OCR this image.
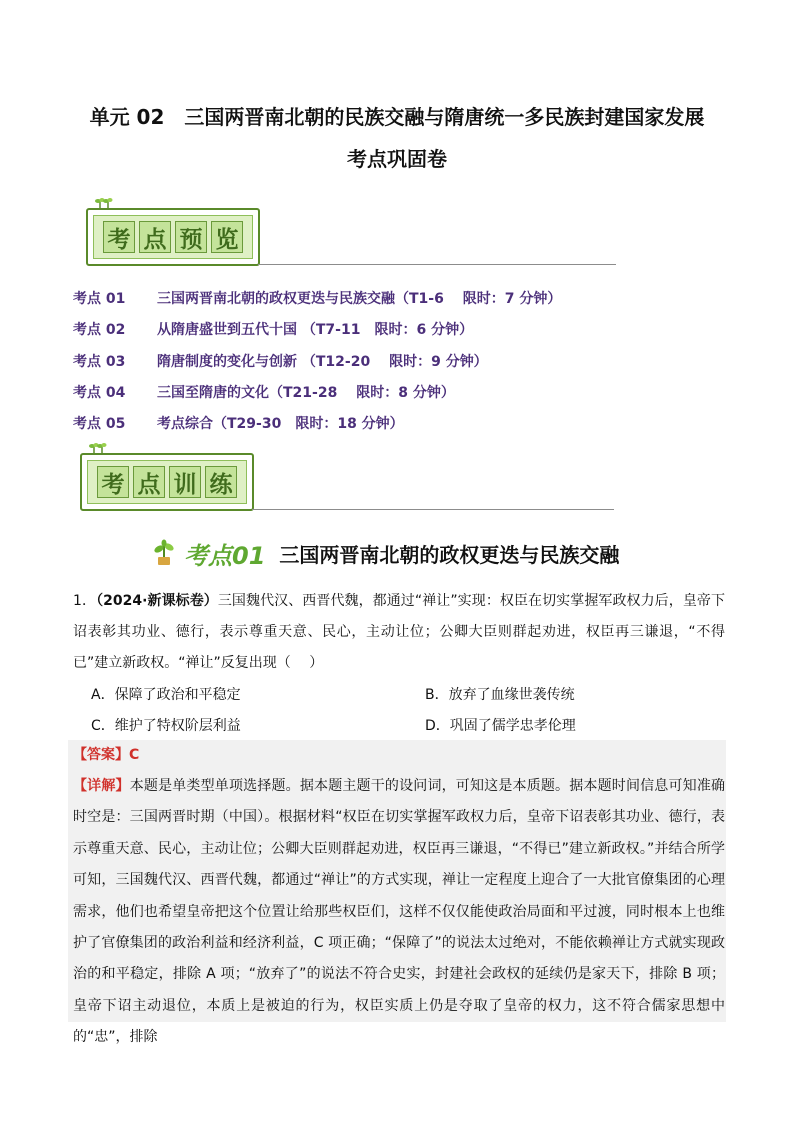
单元 02　三国两晋南北朝的民族交融与隋唐统一多民族封建国家发展
考点巩固卷
考 点 预 览
考点 01 三国两晋南北朝的政权更迭与民族交融（T1-6　 限时：7 分钟）
考点 02 从隋唐盛世到五代十国 （T7-11　限时：6 分钟）
考点 03 隋唐制度的变化与创新 （T12-20　 限时：9 分钟）
考点 04 三国至隋唐的文化（T21-28　 限时：8 分钟）
考点 05 考点综合（T29-30　限时：18 分钟）
考 点 训 练
考点01 三国两晋南北朝的政权更迭与民族交融
1．（2024·新课标卷）三国魏代汉、西晋代魏，都通过“禅让”实现：权臣在切实掌握军政权力后，皇帝下诏表彰其功业、德行，表示尊重天意、民心，主动让位；公卿大臣则群起劝进，权臣再三谦退，“不得已”建立新政权。“禅让”反复出现（　 ）
A．保障了政治和平稳定	B．放弃了血缘世袭传统
C．维护了特权阶层利益	D．巩固了儒学忠孝伦理
【答案】C
【详解】本题是单类型单项选择题。据本题主题干的设问词，可知这是本质题。据本题时间信息可知准确时空是：三国两晋时期（中国）。根据材料“权臣在切实掌握军政权力后，皇帝下诏表彰其功业、德行，表示尊重天意、民心，主动让位；公卿大臣则群起劝进，权臣再三谦退，“不得已”建立新政权。”并结合所学可知，三国魏代汉、西晋代魏，都通过“禅让”的方式实现，禅让一定程度上迎合了一大批官僚集团的心理需求，他们也希望皇帝把这个位置让给那些权臣们，这样不仅仅能使政治局面和平过渡，同时根本上也维护了官僚集团的政治利益和经济利益，C 项正确；“保障了”的说法太过绝对，不能依赖禅让方式就实现政治的和平稳定，排除 A 项；“放弃了”的说法不符合史实，封建社会政权的延续仍是家天下，排除 B 项；皇帝下诏主动退位，本质上是被迫的行为，权臣实质上仍是夺取了皇帝的权力，这不符合儒家思想中的“忠”，排除
